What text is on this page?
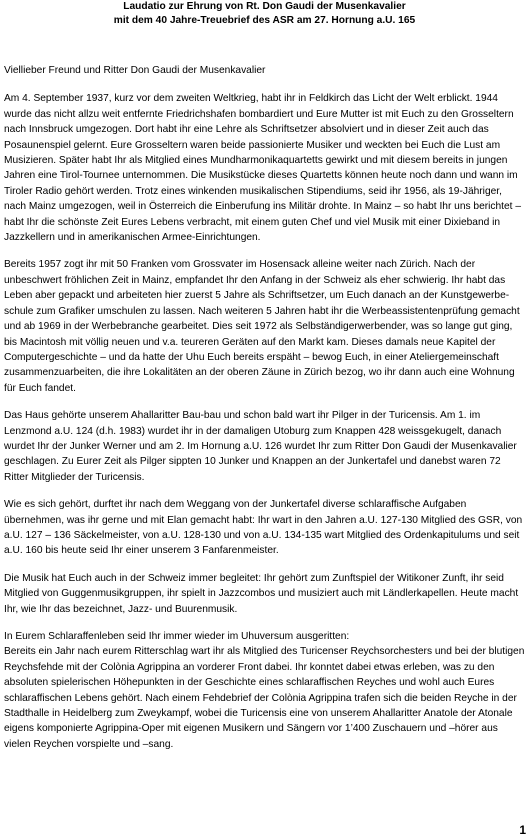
Laudatio zur Ehrung von Rt. Don Gaudi der Musenkavalier
mit dem 40 Jahre-Treuebrief des ASR am 27. Hornung a.U. 165

Viellieber Freund und Ritter Don Gaudi der Musenkavalier

Am 4. September 1937, kurz vor dem zweiten Weltkrieg, habt ihr in Feldkirch das Licht der Welt erblickt. 1944 wurde das nicht allzu weit entfernte Friedrichshafen bombardiert und Eure Mutter ist mit Euch zu den Grosseltern nach Innsbruck umgezogen. Dort habt ihr eine Lehre als Schriftsetzer absolviert und in dieser Zeit auch das Posaunenspiel gelernt. Eure Grosseltern waren beide passionierte Musiker und weckten bei Euch die Lust am Musizieren. Später habt Ihr als Mitglied eines Mundharmonikaquartetts gewirkt und mit diesem bereits in jungen Jahren eine Tirol-Tournee unternommen. Die Musikstücke dieses Quartetts können heute noch dann und wann im Tiroler Radio gehört werden. Trotz eines winkenden musikalischen Stipendiums, seid ihr 1956, als 19-Jähriger, nach Mainz umgezogen, weil in Österreich die Einberufung ins Militär drohte. In Mainz – so habt Ihr uns berichtet – habt Ihr die schönste Zeit Eures Lebens verbracht, mit einem guten Chef und viel Musik mit einer Dixieband in Jazzkellern und in amerikanischen Armee-Einrichtungen.

Bereits 1957 zogt ihr mit 50 Franken vom Grossvater im Hosensack alleine weiter nach Zürich. Nach der unbeschwert fröhlichen Zeit in Mainz, empfandet Ihr den Anfang in der Schweiz als eher schwierig. Ihr habt das Leben aber gepackt und arbeiteten hier zuerst 5 Jahre als Schriftsetzer, um Euch danach an der Kunstgewerbe-schule zum Grafiker umschulen zu lassen. Nach weiteren 5 Jahren habt ihr die Werbeassistentenprüfung gemacht und ab 1969 in der Werbebranche gearbeitet. Dies seit 1972 als Selbständigerwerbender, was so lange gut ging, bis Macintosh mit völlig neuen und v.a. teureren Geräten auf den Markt kam. Dieses damals neue Kapitel der Computergeschichte – und da hatte der Uhu Euch bereits erspäht – bewog Euch, in einer Ateliergemeinschaft zusammenzuarbeiten, die ihre Lokalitäten an der oberen Zäune in Zürich bezog, wo ihr dann auch eine Wohnung für Euch fandet.

Das Haus gehörte unserem Ahallaritter Bau-bau und schon bald wart ihr Pilger in der Turicensis. Am 1. im Lenzmond a.U. 124 (d.h. 1983) wurdet ihr in der damaligen Utoburg zum Knappen 428 weissgekugelt, danach wurdet Ihr der Junker Werner und am 2. Im Hornung a.U. 126 wurdet Ihr zum Ritter Don Gaudi der Musenkavalier geschlagen. Zu Eurer Zeit als Pilger sippten 10 Junker und Knappen an der Junkertafel und danebst waren 72 Ritter Mitglieder der Turicensis.

Wie es sich gehört, durftet ihr nach dem Weggang von der Junkertafel diverse schlaraffische Aufgaben übernehmen, was ihr gerne und mit Elan gemacht habt: Ihr wart in den Jahren a.U. 127-130 Mitglied des GSR, von a.U. 127 – 136 Säckelmeister, von a.U. 128-130 und von a.U. 134-135 wart Mitglied des Ordenkapitulums und seit a.U. 160 bis heute seid Ihr einer unserem 3 Fanfarenmeister.

Die Musik hat Euch auch in der Schweiz immer begleitet: Ihr gehört zum Zunftspiel der Witikoner Zunft, ihr seid Mitglied von Guggenmusikgruppen, ihr spielt in Jazzcombos und musiziert auch mit Ländlerkapellen. Heute macht Ihr, wie Ihr das bezeichnet, Jazz- und Buurenmusik.

In Eurem Schlaraffenleben seid Ihr immer wieder im Uhuversum ausgeritten:
Bereits ein Jahr nach eurem Ritterschlag wart ihr als Mitglied des Turicenser Reychsorchesters und bei der blutigen Reychsfehde mit der Colònia Agrippina an vorderer Front dabei. Ihr konntet dabei etwas erleben, was zu den absoluten spielerischen Höhepunkten in der Geschichte eines schlaraffischen Reyches und wohl auch Eures schlaraffischen Lebens gehört. Nach einem Fehdebrief der Colònia Agrippina trafen sich die beiden Reyche in der Stadthalle in Heidelberg zum Zweykampf, wobei die Turicensis eine von unserem Ahallaritter Anatole der Atonale eigens komponierte Agrippina-Oper mit eigenen Musikern und Sängern vor 1’400 Zuschauern und –hörer aus vielen Reychen vorspielte und –sang.

1
